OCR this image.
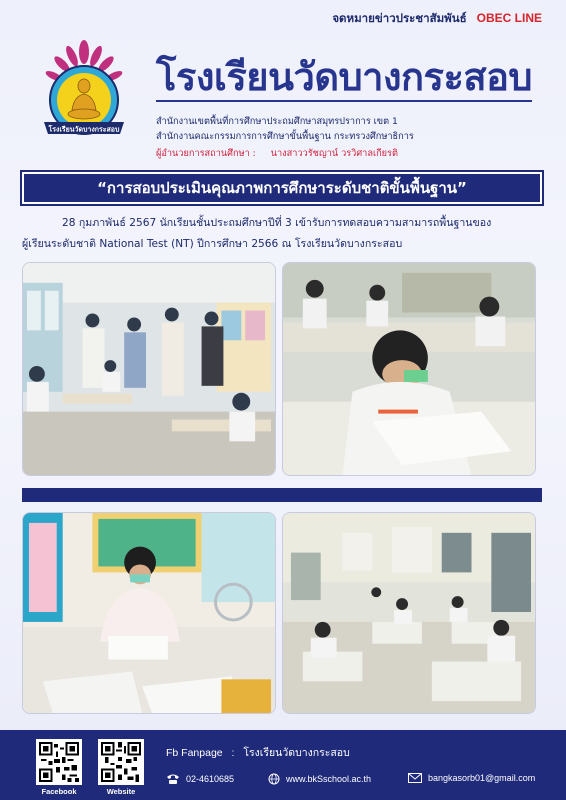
จดหมายข่าวประชาสัมพันธ์ OBEC LINE
โรงเรียนวัดบางกระสอบ
โรงเรียนวัดบางกระสอบ
สำนักงานเขตพื้นที่การศึกษาประถมศึกษาสมุทรปราการ เขต 1
สำนักงานคณะกรรมการการศึกษาขั้นพื้นฐาน กระทรวงศึกษาธิการ
ผู้อำนวยการสถานศึกษา : นางสาววรัชญาน์ วรวิศาลเกียรติ
“การสอบประเมินคุณภาพการศึกษาระดับชาติขั้นพื้นฐาน”
28 กุมภาพันธ์ 2567 นักเรียนชั้นประถมศึกษาปีที่ 3 เข้ารับการทดสอบความสามารถพื้นฐานของ
ผู้เรียนระดับชาติ National Test (NT) ปีการศึกษา 2566 ณ โรงเรียนวัดบางกระสอบ
Facebook	Website
Fb Fanpage : โรงเรียนวัดบางกระสอบ
02-4610685	www.bkSschool.ac.th	bangkasorb01@gmail.com
